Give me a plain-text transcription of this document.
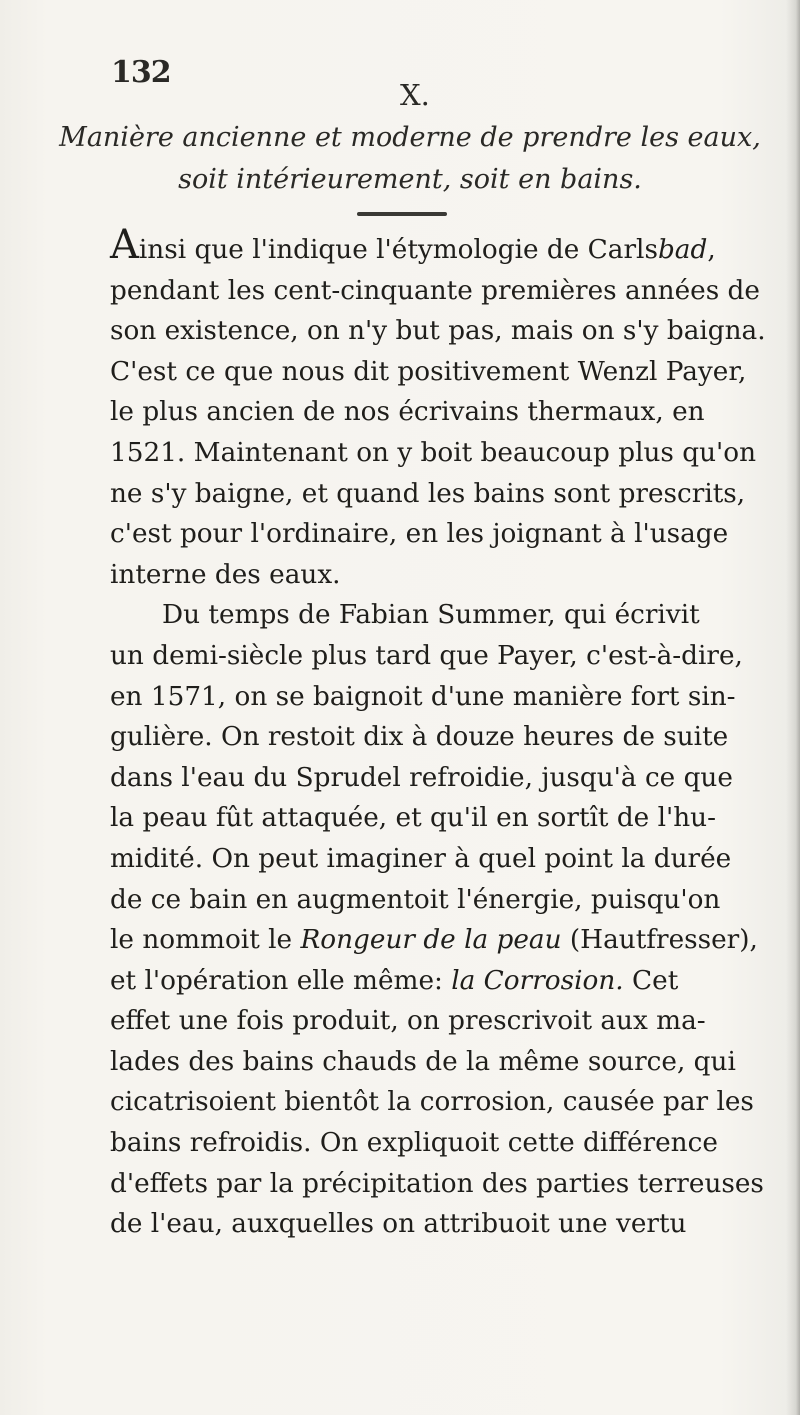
132
X.
Manière ancienne et moderne de prendre les eaux,
soit intérieurement, soit en bains.
Ainsi que l'indique l'étymologie de Carlsbad,
pendant les cent-cinquante premières années de
son existence, on n'y but pas, mais on s'y baigna.
C'est ce que nous dit positivement Wenzl Payer,
le plus ancien de nos écrivains thermaux, en
1521. Maintenant on y boit beaucoup plus qu'on
ne s'y baigne, et quand les bains sont prescrits,
c'est pour l'ordinaire, en les joignant à l'usage
interne des eaux.
Du temps de Fabian Summer, qui écrivit
un demi-siècle plus tard que Payer, c'est-à-dire,
en 1571, on se baignoit d'une manière fort sin-
gulière. On restoit dix à douze heures de suite
dans l'eau du Sprudel refroidie, jusqu'à ce que
la peau fût attaquée, et qu'il en sortît de l'hu-
midité. On peut imaginer à quel point la durée
de ce bain en augmentoit l'énergie, puisqu'on
le nommoit le Rongeur de la peau (Hautfresser),
et l'opération elle même: la Corrosion. Cet
effet une fois produit, on prescrivoit aux ma-
lades des bains chauds de la même source, qui
cicatrisoient bientôt la corrosion, causée par les
bains refroidis. On expliquoit cette différence
d'effets par la précipitation des parties terreuses
de l'eau, auxquelles on attribuoit une vertu
